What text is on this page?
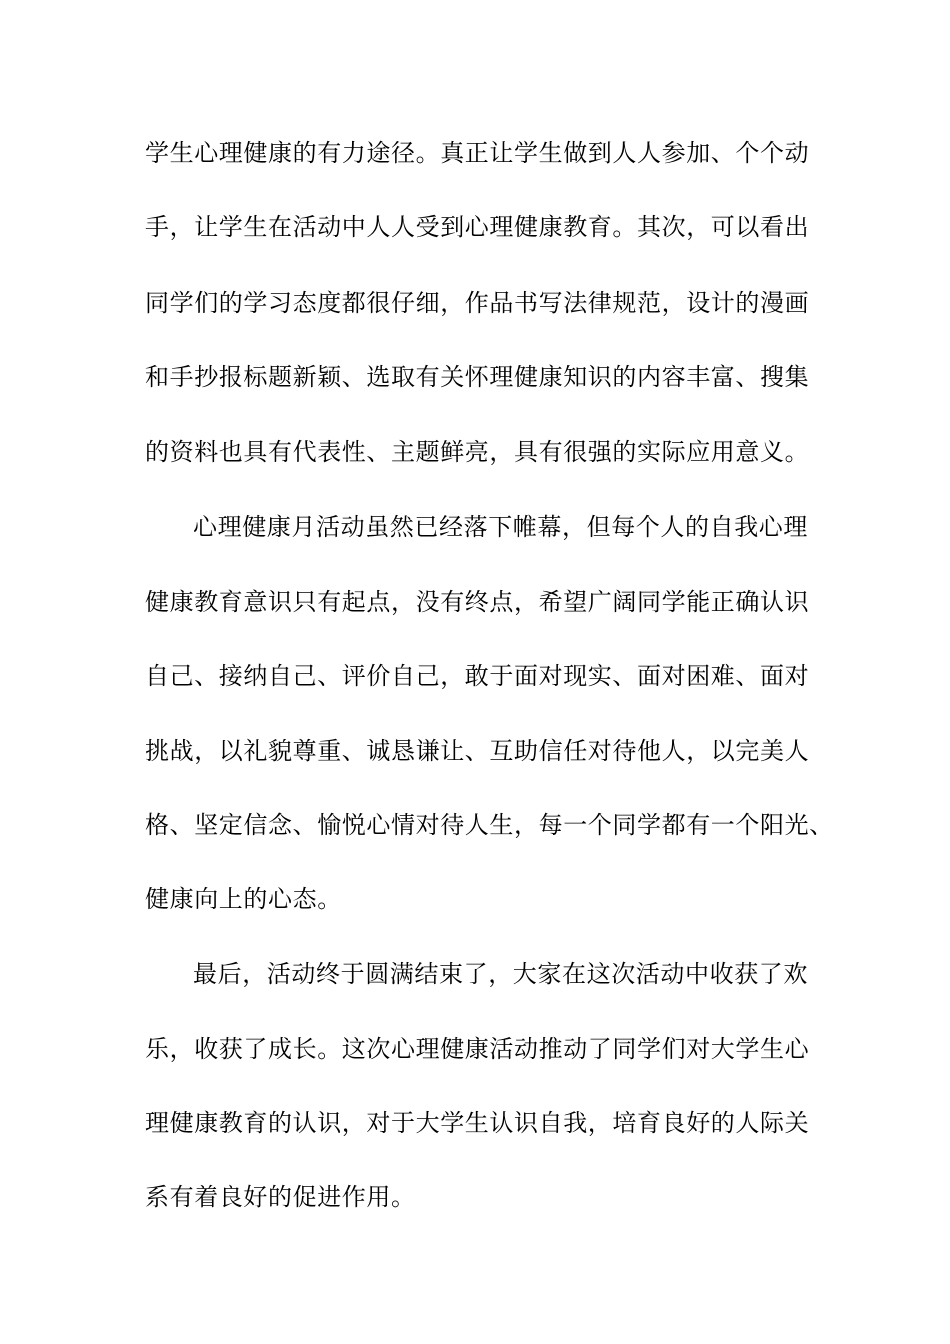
学生心理健康的有力途径。真正让学生做到人人参加、个个动
手，让学生在活动中人人受到心理健康教育。其次，可以看出
同学们的学习态度都很仔细，作品书写法律规范，设计的漫画
和手抄报标题新颖、选取有关怀理健康知识的内容丰富、搜集
的资料也具有代表性、主题鲜亮，具有很强的实际应用意义。
心理健康月活动虽然已经落下帷幕，但每个人的自我心理
健康教育意识只有起点，没有终点，希望广阔同学能正确认识
自己、接纳自己、评价自己，敢于面对现实、面对困难、面对
挑战，以礼貌尊重、诚恳谦让、互助信任对待他人，以完美人
格、坚定信念、愉悦心情对待人生，每一个同学都有一个阳光、
健康向上的心态。
最后，活动终于圆满结束了，大家在这次活动中收获了欢
乐，收获了成长。这次心理健康活动推动了同学们对大学生心
理健康教育的认识，对于大学生认识自我，培育良好的人际关
系有着良好的促进作用。
